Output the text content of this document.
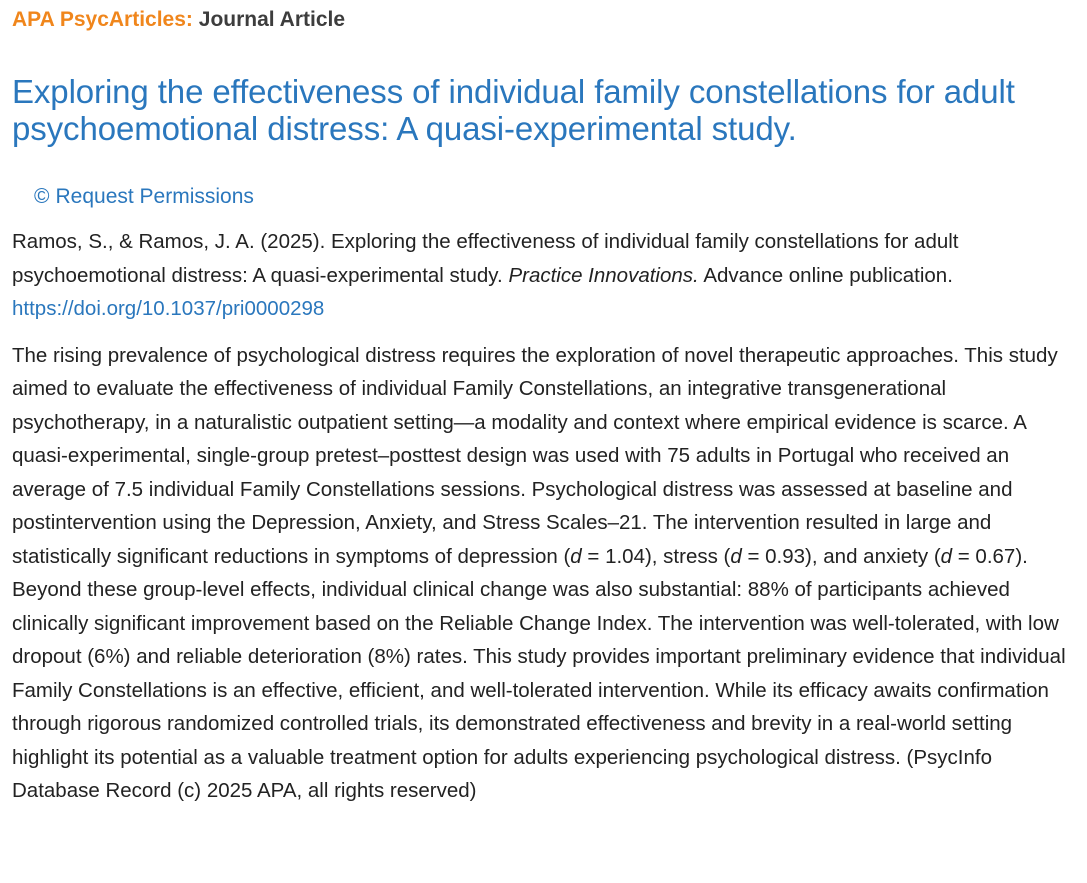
APA PsycArticles: Journal Article

Exploring the effectiveness of individual family constellations for adult psychoemotional distress: A quasi-experimental study.
© Request Permissions

Ramos, S., & Ramos, J. A. (2025). Exploring the effectiveness of individual family constellations for adult psychoemotional distress: A quasi-experimental study. Practice Innovations. Advance online publication. https://doi.org/10.1037/pri0000298

The rising prevalence of psychological distress requires the exploration of novel therapeutic approaches. This study aimed to evaluate the effectiveness of individual Family Constellations, an integrative transgenerational psychotherapy, in a naturalistic outpatient setting—a modality and context where empirical evidence is scarce. A quasi-experimental, single-group pretest–posttest design was used with 75 adults in Portugal who received an average of 7.5 individual Family Constellations sessions. Psychological distress was assessed at baseline and postintervention using the Depression, Anxiety, and Stress Scales–21. The intervention resulted in large and statistically significant reductions in symptoms of depression (d = 1.04), stress (d = 0.93), and anxiety (d = 0.67). Beyond these group-level effects, individual clinical change was also substantial: 88% of participants achieved clinically significant improvement based on the Reliable Change Index. The intervention was well-tolerated, with low dropout (6%) and reliable deterioration (8%) rates. This study provides important preliminary evidence that individual Family Constellations is an effective, efficient, and well-tolerated intervention. While its efficacy awaits confirmation through rigorous randomized controlled trials, its demonstrated effectiveness and brevity in a real-world setting highlight its potential as a valuable treatment option for adults experiencing psychological distress. (PsycInfo Database Record (c) 2025 APA, all rights reserved)
